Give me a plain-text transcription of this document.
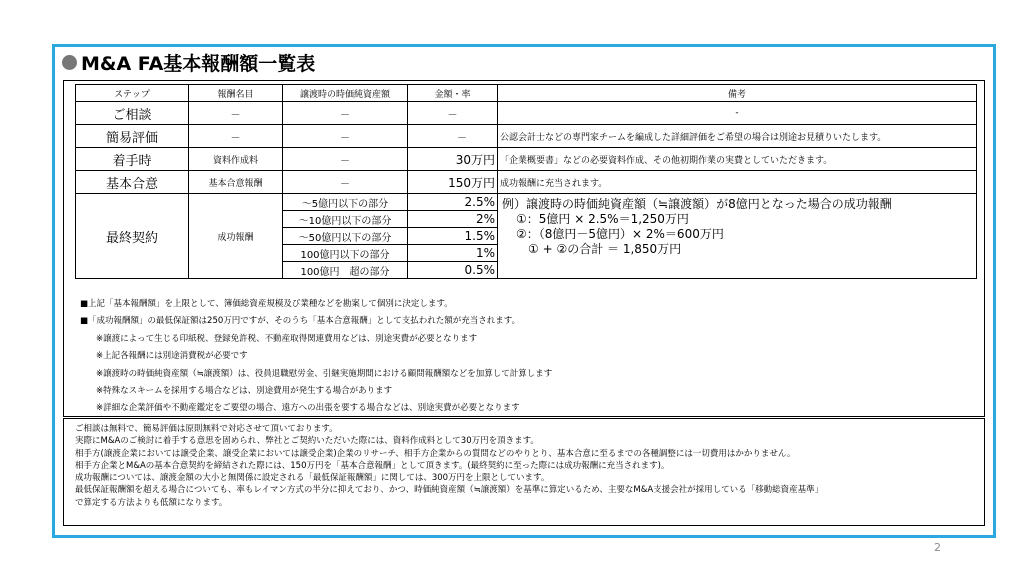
M&A FA基本報酬額一覧表
ステップ	報酬名目	譲渡時の時価純資産額	金額・率	備考
ご相談	－	－	－	-
簡易評価	－	－	－	公認会計士などの専門家チームを編成した詳細評価をご希望の場合は別途お見積りいたします。
着手時	資料作成料	－	30万円	「企業概要書」などの必要資料作成、その他初期作業の実費としていただきます。
基本合意	基本合意報酬	－	150万円	成功報酬に充当されます。
最終契約	成功報酬	～5億円以下の部分	2.5%	例）譲渡時の時価純資産額（≒譲渡額）が8億円となった場合の成功報酬
①：5億円 × 2.5%＝1,250万円
②：（8億円－5億円）× 2%＝600万円
① + ②の合計 ＝ 1,850万円

		～10億円以下の部分	2%	
		～50億円以下の部分	1.5%	
		100億円以下の部分	1%	
		100億円　超の部分	0.5%	
■上記「基本報酬額」を上限として、簿価総資産規模及び業種などを勘案して個別に決定します。
■「成功報酬額」の最低保証額は250万円ですが、そのうち「基本合意報酬」として支払われた額が充当されます。
※譲渡によって生じる印紙税、登録免許税、不動産取得関連費用などは、別途実費が必要となります
※上記各報酬には別途消費税が必要です
※譲渡時の時価純資産額（≒譲渡額）は、役員退職慰労金、引継実施期間における顧問報酬額などを加算して計算します
※特殊なスキームを採用する場合などは、別途費用が発生する場合があります
※詳細な企業評価や不動産鑑定をご要望の場合、遠方への出張を要する場合などは、別途実費が必要となります
ご相談は無料で、簡易評価は原則無料で対応させて頂いております。
実際にM&Aのご検討に着手する意思を固められ、弊社とご契約いただいた際には、資料作成料として30万円を頂きます。
相手方(譲渡企業においては譲受企業、譲受企業においては譲受企業)企業のリサーチ、相手方企業からの質問などのやりとり、基本合意に至るまでの各種調整には一切費用はかかりません。
相手方企業とM&Aの基本合意契約を締結された際には、150万円を「基本合意報酬」として頂きます。(最終契約に至った際には成功報酬に充当されます)。
成功報酬については、譲渡金額の大小と無関係に設定される「最低保証報酬額」に関しては、300万円を上限としています。
最低保証報酬額を超える場合についても、率もレイマン方式の半分に抑えており、かつ、時価純資産額（≒譲渡額）を基準に算定いるため、主要なM&A支援会社が採用している「移動総資産基準」
で算定する方法よりも低額になります。
2
